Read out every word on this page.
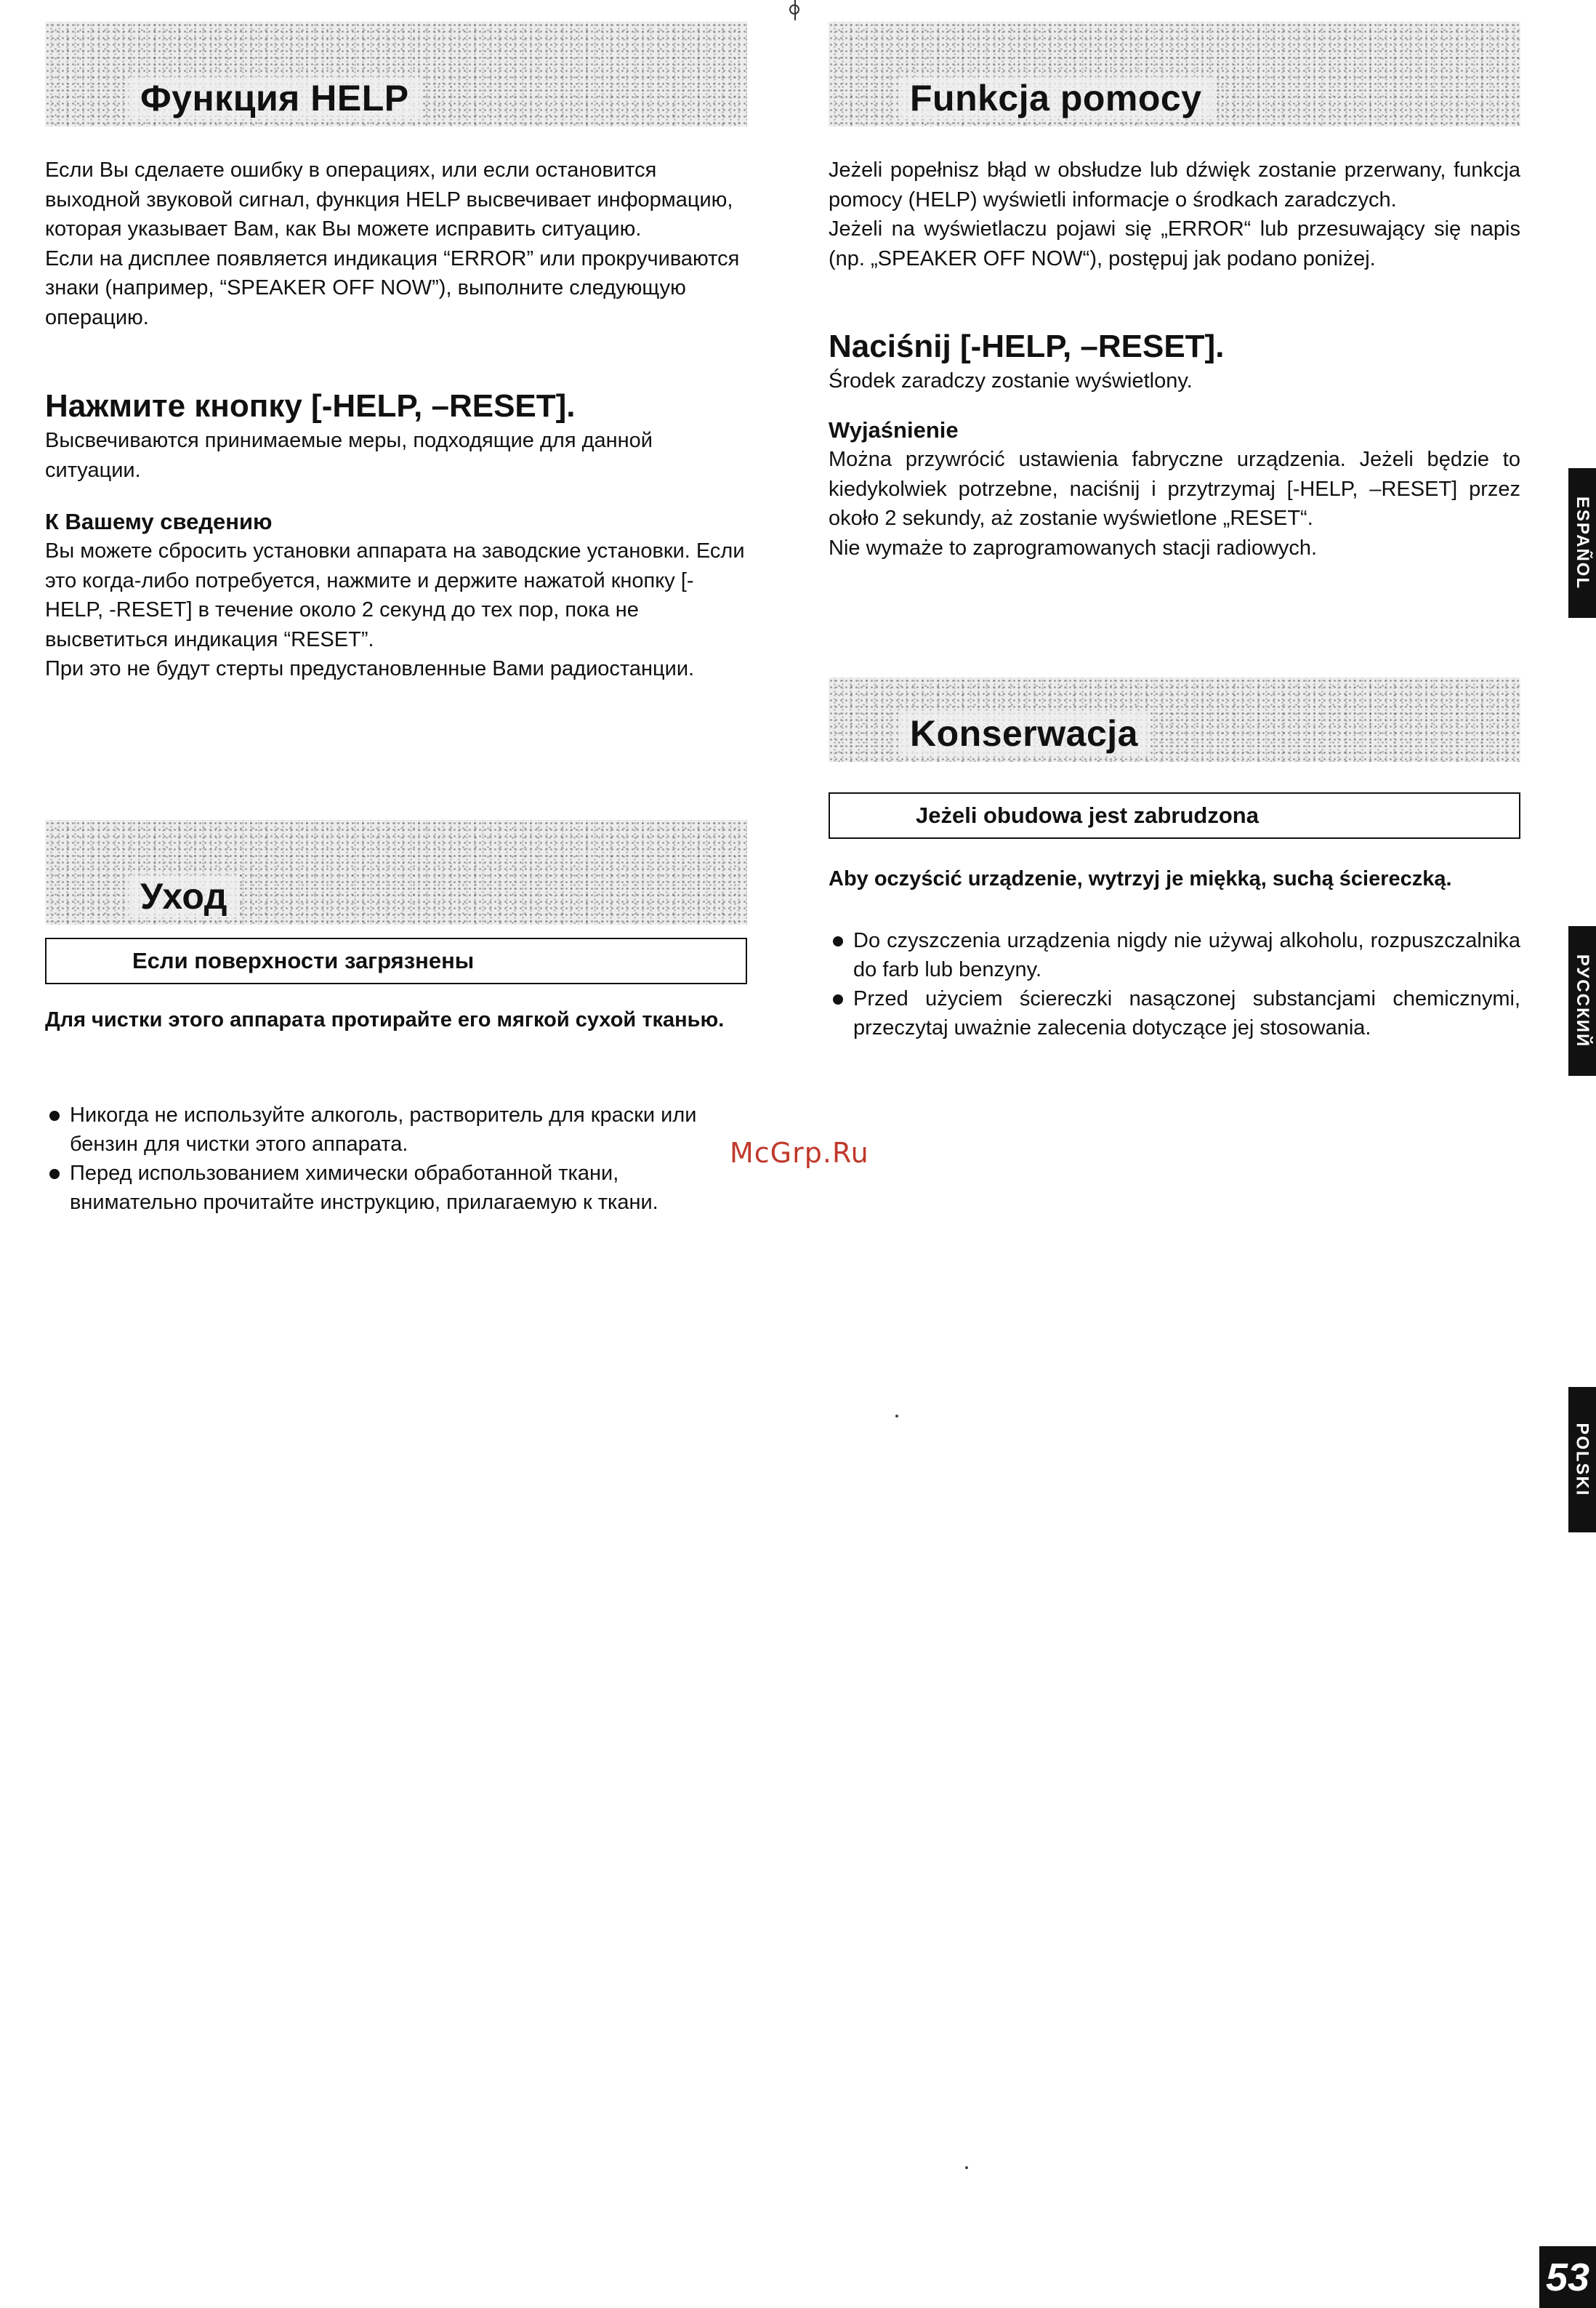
Функция HELP

Если Вы сделаете ошибку в операциях, или если остановится выходной звуковой сигнал, функция HELP высвечивает информацию, которая указывает Вам, как Вы можете исправить ситуацию.

Если на дисплее появляется индикация “ERROR” или прокручиваются знаки (например, “SPEAKER OFF NOW”), выполните следующую операцию.

Нажмите кнопку [-HELP, –RESET].
Высвечиваются принимаемые меры, подходящие для данной ситуации.
К Вашему сведению

Вы можете сбросить установки аппарата на заводские установки. Если это когда-либо потребуется, нажмите и держите нажатой кнопку [-HELP, -RESET] в течение около 2 секунд до тех пор, пока не высветиться индикация “RESET”.

При это не будут стерты предустановленные Вами радиостанции.

Уход
Если поверхности загрязнены

Для чистки этого аппарата протирайте его мягкой сухой тканью.

Никогда не используйте алкоголь, растворитель для краски или бензин для чистки этого аппарата.
Перед использованием химически обработанной ткани, внимательно прочитайте инструкцию, прилагаемую к ткани.
Funkcja pomocy

Jeżeli popełnisz błąd w obsłudze lub dźwięk zostanie przerwany, funkcja pomocy (HELP) wyświetli informacje o środkach zaradczych.

Jeżeli na wyświetlaczu pojawi się „ERROR“ lub przesuwający się napis (np. „SPEAKER OFF NOW“), postępuj jak podano poniżej.

Naciśnij [-HELP, –RESET].
Środek zaradczy zostanie wyświetlony.
Wyjaśnienie

Można przywrócić ustawienia fabryczne urządzenia. Jeżeli będzie to kiedykolwiek potrzebne, naciśnij i przytrzymaj [-HELP, –RESET] przez około 2 sekundy, aż zostanie wyświetlone „RESET“.

Nie wymaże to zaprogramowanych stacji radiowych.

Konserwacja
Jeżeli obudowa jest zabrudzona

Aby oczyścić urządzenie, wytrzyj je miękką, suchą ściereczką.

Do czyszczenia urządzenia nigdy nie używaj alkoholu, rozpuszczalnika do farb lub benzyny.
Przed użyciem ściereczki nasączonej substancjami chemicznymi, przeczytaj uważnie zalecenia dotyczące jej stosowania.
ESPAÑOL
РУССКИЙ
POLSKI
McGrp.Ru
53
